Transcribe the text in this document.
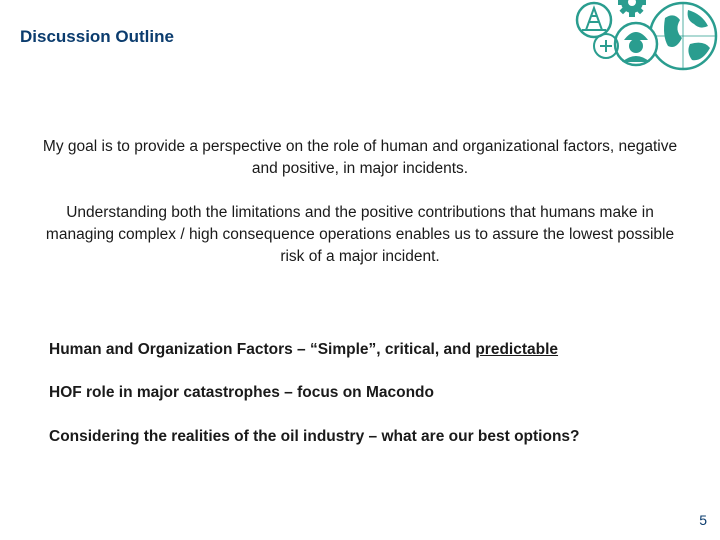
Discussion Outline

My goal is to provide a perspective on the role of human and organizational factors, negative and positive, in major incidents.

Understanding both the limitations and the positive contributions that humans make in managing complex / high consequence operations enables us to assure the lowest possible risk of a major incident.

Human and Organization Factors – “Simple”, critical, and predictable
HOF role in major catastrophes – focus on Macondo
Considering the realities of the oil industry – what are our best options?
5
